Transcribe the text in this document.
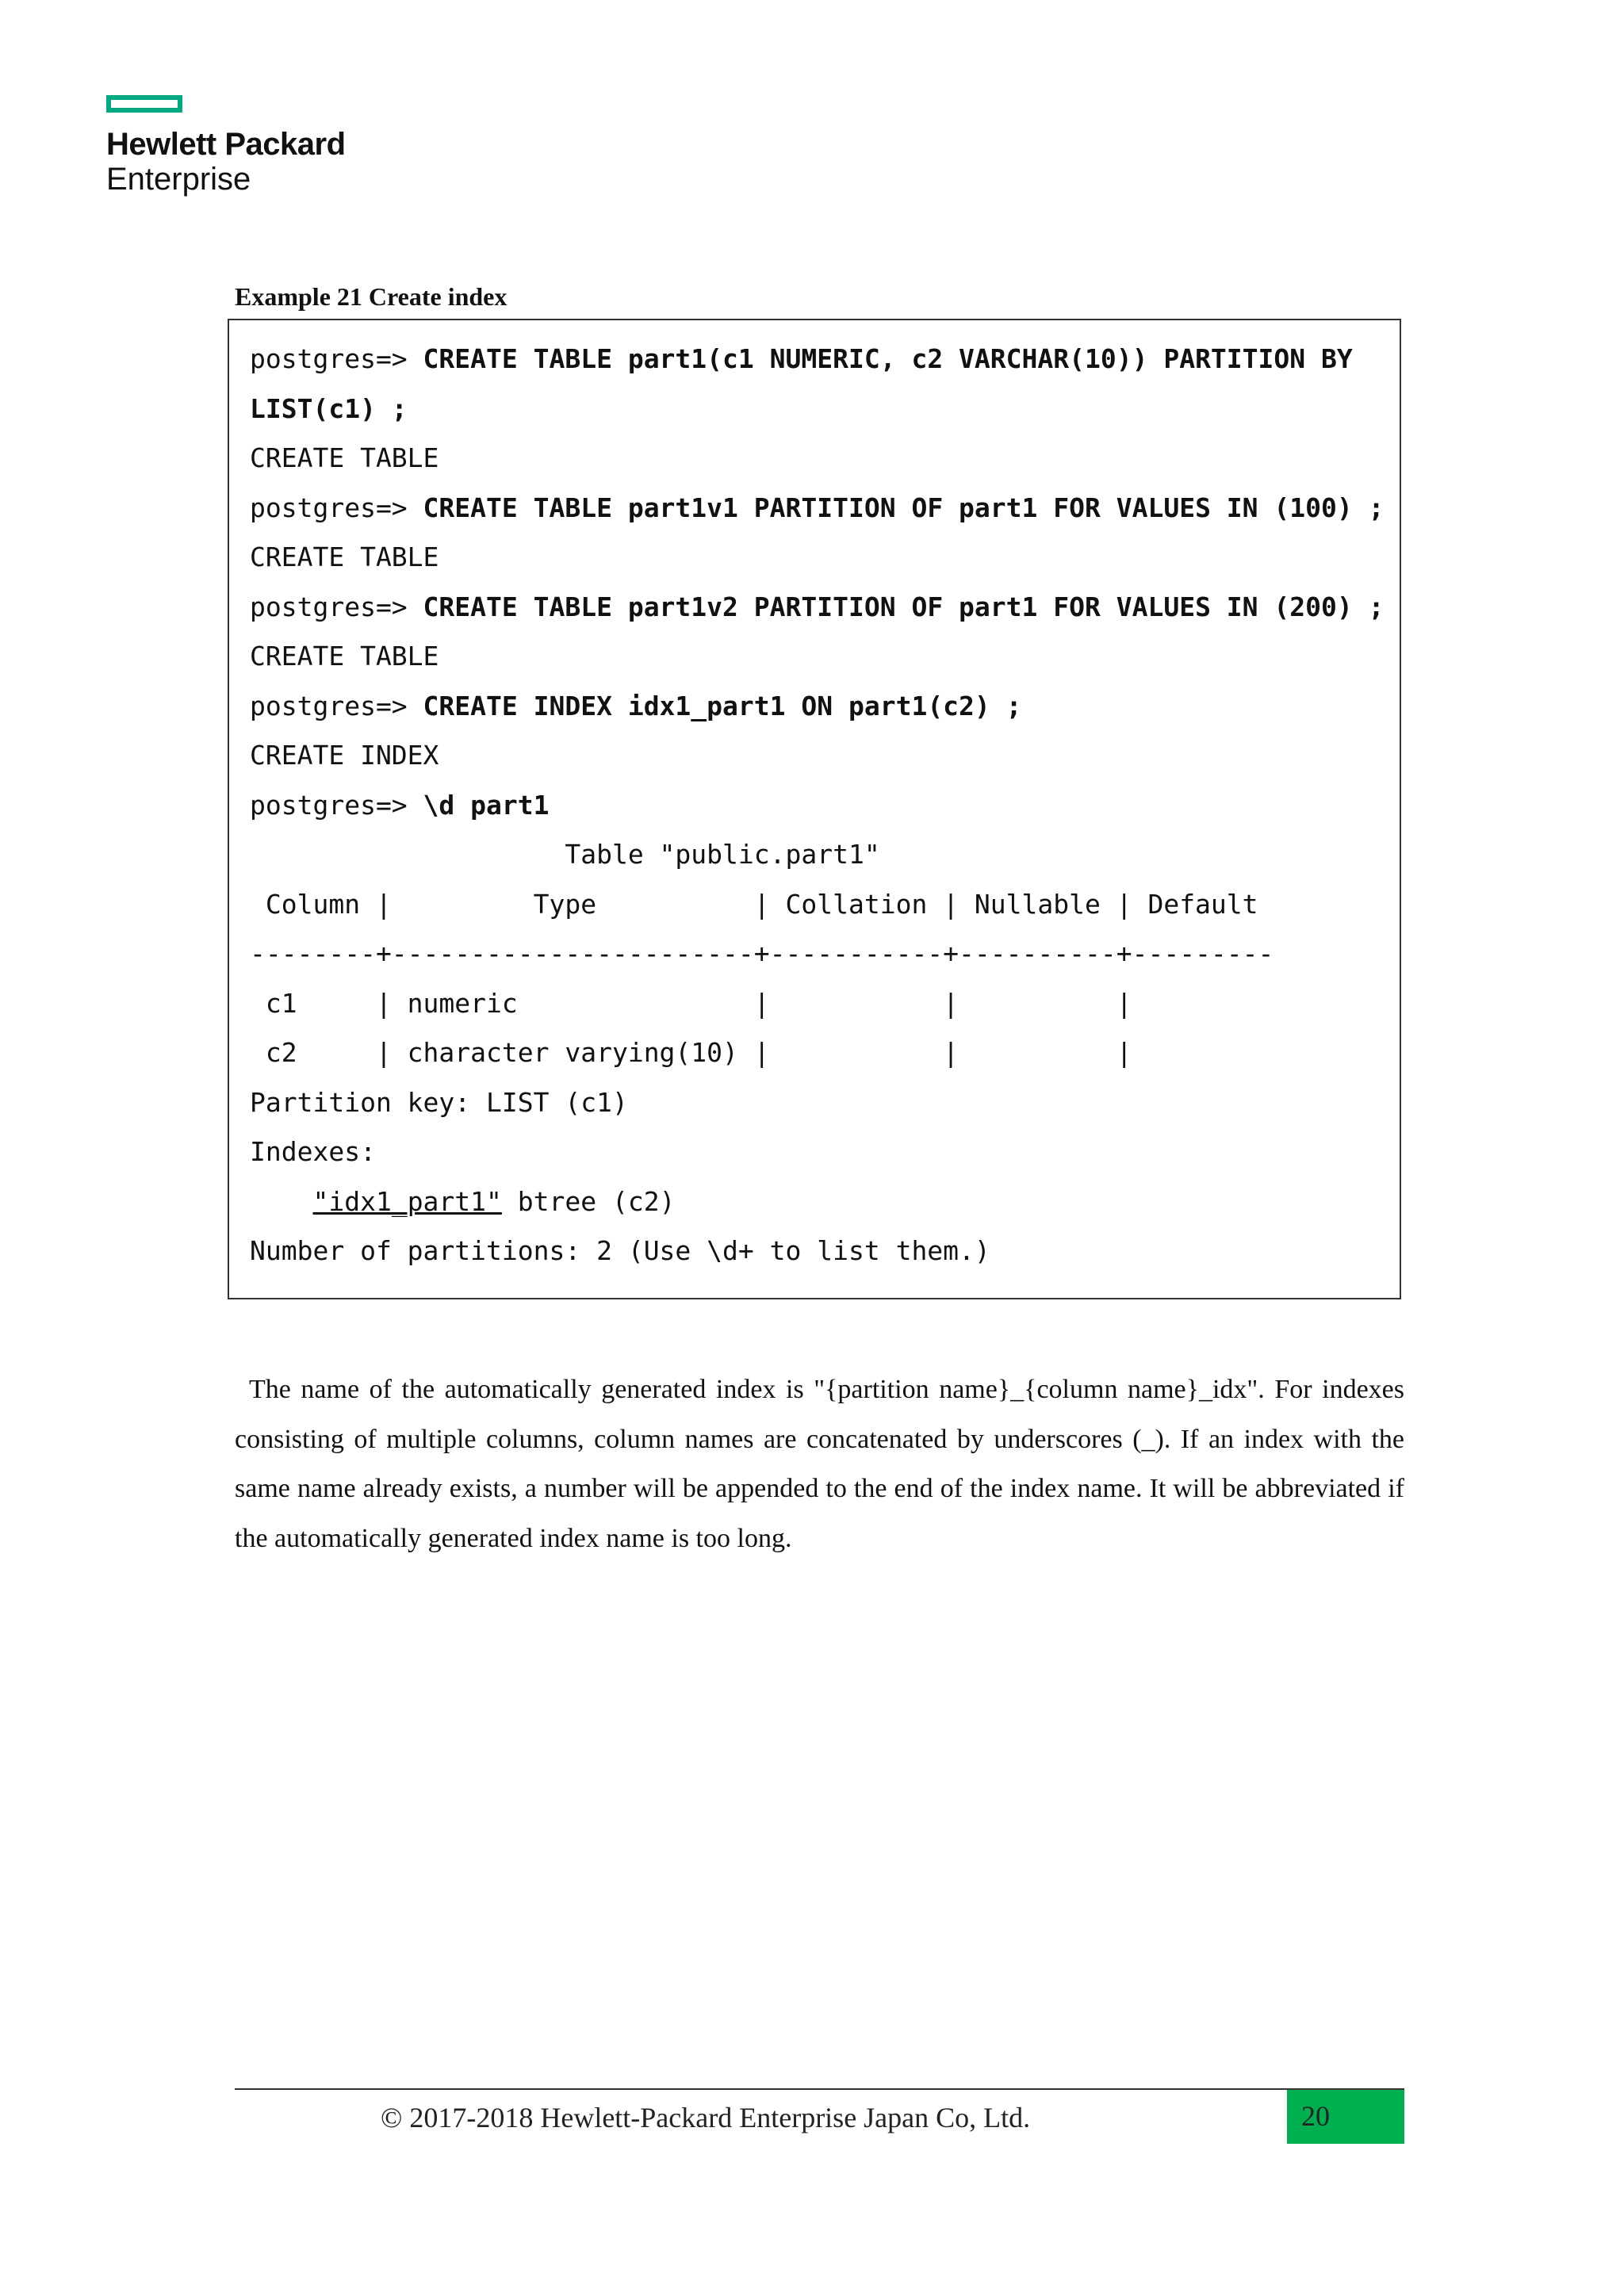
Hewlett Packard
Enterprise
Example 21 Create index
postgres=> CREATE TABLE part1(c1 NUMERIC, c2 VARCHAR(10)) PARTITION BY
LIST(c1) ;
CREATE TABLE
postgres=> CREATE TABLE part1v1 PARTITION OF part1 FOR VALUES IN (100) ;
CREATE TABLE
postgres=> CREATE TABLE part1v2 PARTITION OF part1 FOR VALUES IN (200) ;
CREATE TABLE
postgres=> CREATE INDEX idx1_part1 ON part1(c2) ;
CREATE INDEX
postgres=> \d part1
Table "public.part1"
Column |         Type          | Collation | Nullable | Default
--------+-----------------------+-----------+----------+---------
c1     | numeric               |           |          |
c2     | character varying(10) |           |          |
Partition key: LIST (c1)
Indexes:
"idx1_part1" btree (c2)
Number of partitions: 2 (Use \d+ to list them.)

The name of the automatically generated index is "{partition name}_{column name}_idx". For indexes consisting of multiple columns, column names are concatenated by underscores (_). If an index with the same name already exists, a number will be appended to the end of the index name. It will be abbreviated if the automatically generated index name is too long.

© 2017-2018 Hewlett-Packard Enterprise Japan Co, Ltd.	20
